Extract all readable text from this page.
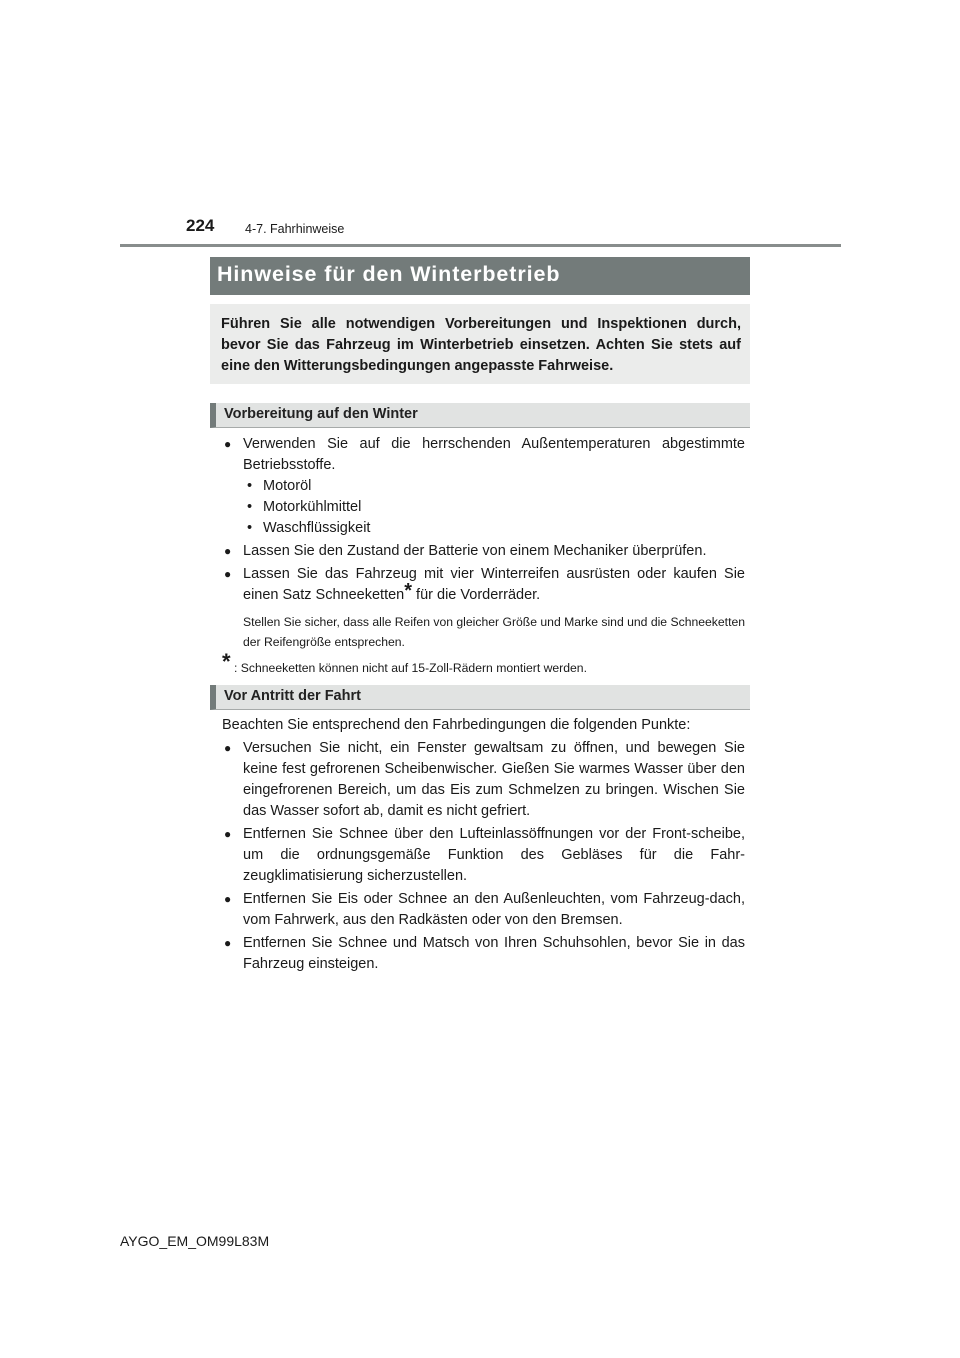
224 4-7. Fahrhinweise
Hinweise für den Winterbetrieb
Führen Sie alle notwendigen Vorbereitungen und Inspektionen durch, bevor Sie das Fahrzeug im Winterbetrieb einsetzen. Achten Sie stets auf eine den Witterungsbedingungen angepasste Fahrweise.
Vorbereitung auf den Winter
● Verwenden Sie auf die herrschenden Außentemperaturen abgestimmte Betriebsstoffe.
• Motoröl
• Motorkühlmittel
• Waschflüssigkeit
● Lassen Sie den Zustand der Batterie von einem Mechaniker überprüfen.
● Lassen Sie das Fahrzeug mit vier Winterreifen ausrüsten oder kaufen Sie einen Satz Schneeketten* für die Vorderräder.
Stellen Sie sicher, dass alle Reifen von gleicher Größe und Marke sind und die Schneeketten der Reifengröße entsprechen.
* : Schneeketten können nicht auf 15-Zoll-Rädern montiert werden.
Vor Antritt der Fahrt
Beachten Sie entsprechend den Fahrbedingungen die folgenden Punkte:
● Versuchen Sie nicht, ein Fenster gewaltsam zu öffnen, und bewegen Sie keine fest gefrorenen Scheibenwischer. Gießen Sie warmes Wasser über den eingefrorenen Bereich, um das Eis zum Schmelzen zu bringen. Wischen Sie das Wasser sofort ab, damit es nicht gefriert.
● Entfernen Sie Schnee über den Lufteinlassöffnungen vor der Front-scheibe, um die ordnungsgemäße Funktion des Gebläses für die Fahr-zeugklimatisierung sicherzustellen.
● Entfernen Sie Eis oder Schnee an den Außenleuchten, vom Fahrzeug-dach, vom Fahrwerk, aus den Radkästen oder von den Bremsen.
● Entfernen Sie Schnee und Matsch von Ihren Schuhsohlen, bevor Sie in das Fahrzeug einsteigen.
AYGO_EM_OM99L83M
